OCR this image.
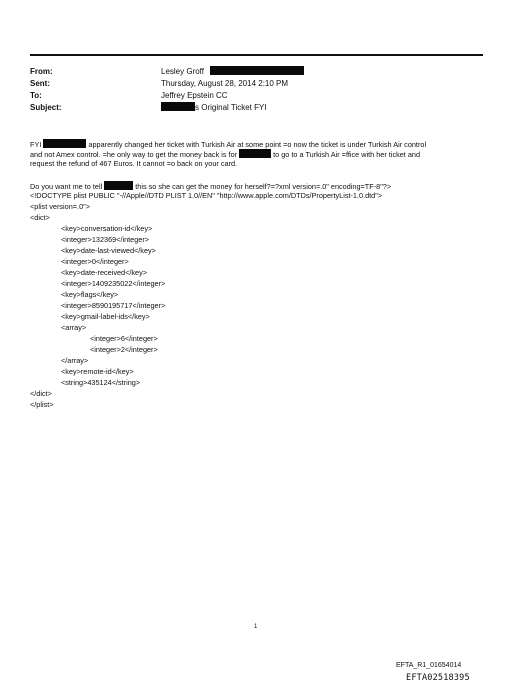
From:	Lesley Groff
Sent:	Thursday, August 28, 2014 2:10 PM
To:	Jeffrey Epstein CC
Subject:	s Original Ticket FYI
FYI	apparently changed her ticket with Turkish Air at some point =o now the ticket is under Turkish Air control
and not Amex control. =he only way to get the money back is for	to go to a Turkish Air =ffice with her ticket and
request the refund of 467 Euros. It cannot =o back on your card.
Do you want me to tell	this so she can get the money for herself?=?xml version=.0" encoding=TF-8"?>
<!DOCTYPE plist PUBLIC "-//Apple//DTD PLIST 1.0//EN" "http://www.apple.com/DTDs/PropertyList-1.0.dtd">
<plist version=.0">
<dict>
<key>conversation-id</key>
<integer>132369</integer>
<key>date-last-viewed</key>
<integer>0</integer>
<key>date-received</key>
<integer>1409235022</integer>
<key>flags</key>
<integer>8590195717</integer>
<key>gmail-label-ids</key>
<array>
<integer>6</integer>
<integer>2</integer>
</array>
<key>remote-id</key>
<string>435124</string>
</dict>
</plist>
1
EFTA_R1_01654014
EFTA02518395
